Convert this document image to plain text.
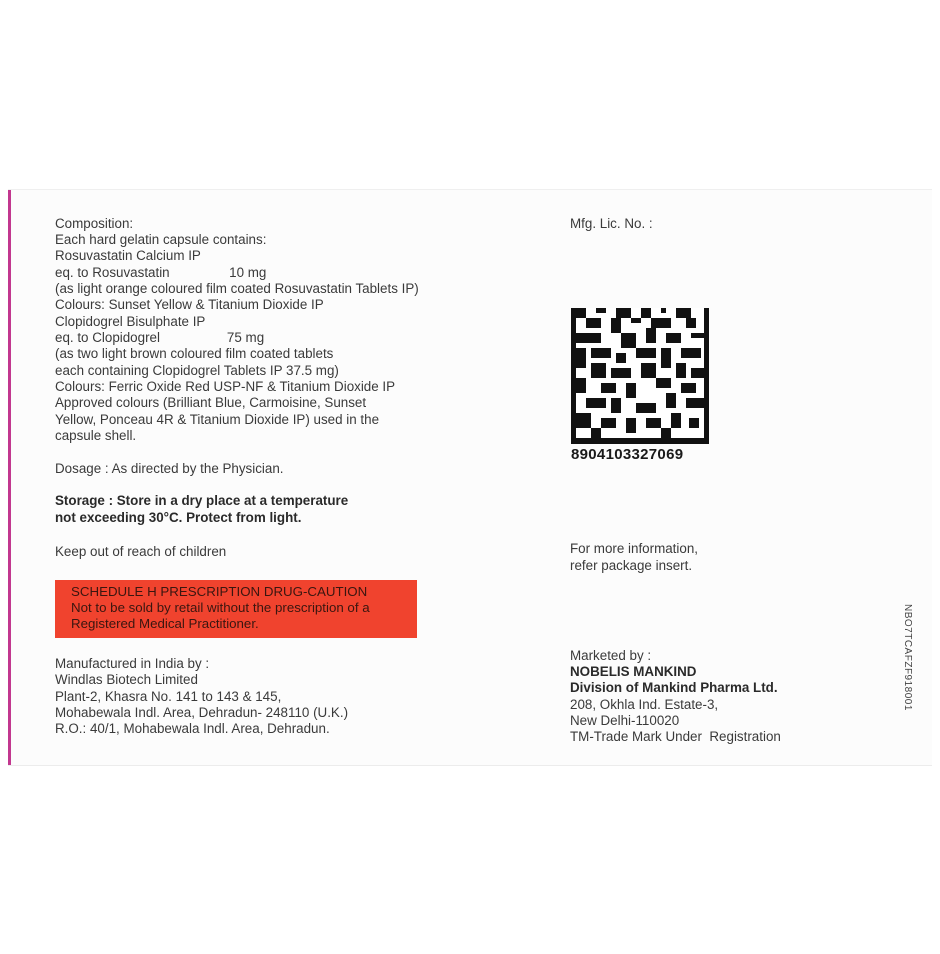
Composition:
Each hard gelatin capsule contains:
Rosuvastatin Calcium IP
eq. to Rosuvastatin                10 mg
(as light orange coloured film coated Rosuvastatin Tablets IP)
Colours: Sunset Yellow & Titanium Dioxide IP
Clopidogrel Bisulphate IP
eq. to Clopidogrel                  75 mg
(as two light brown coloured film coated tablets
each containing Clopidogrel Tablets IP 37.5 mg)
Colours: Ferric Oxide Red USP-NF & Titanium Dioxide IP
Approved colours (Brilliant Blue, Carmoisine, Sunset
Yellow, Ponceau 4R & Titanium Dioxide IP) used in the
capsule shell.
Dosage : As directed by the Physician.
Storage : Store in a dry place at a temperature
not exceeding 30°C. Protect from light.
Keep out of reach of children
SCHEDULE H PRESCRIPTION DRUG-CAUTION
Not to be sold by retail without the prescription of a
Registered Medical Practitioner.
Manufactured in India by :
Windlas Biotech Limited
Plant-2, Khasra No. 141 to 143 & 145,
Mohabewala Indl. Area, Dehradun- 248110 (U.K.)
R.O.: 40/1, Mohabewala Indl. Area, Dehradun.
Mfg. Lic. No. :
8904103327069
For more information,
refer package insert.
Marketed by :
NOBELIS MANKIND
Division of Mankind Pharma Ltd.
208, Okhla Ind. Estate-3,
New Delhi-110020
TM-Trade Mark Under  Registration
NBO7TCAFZF918001
